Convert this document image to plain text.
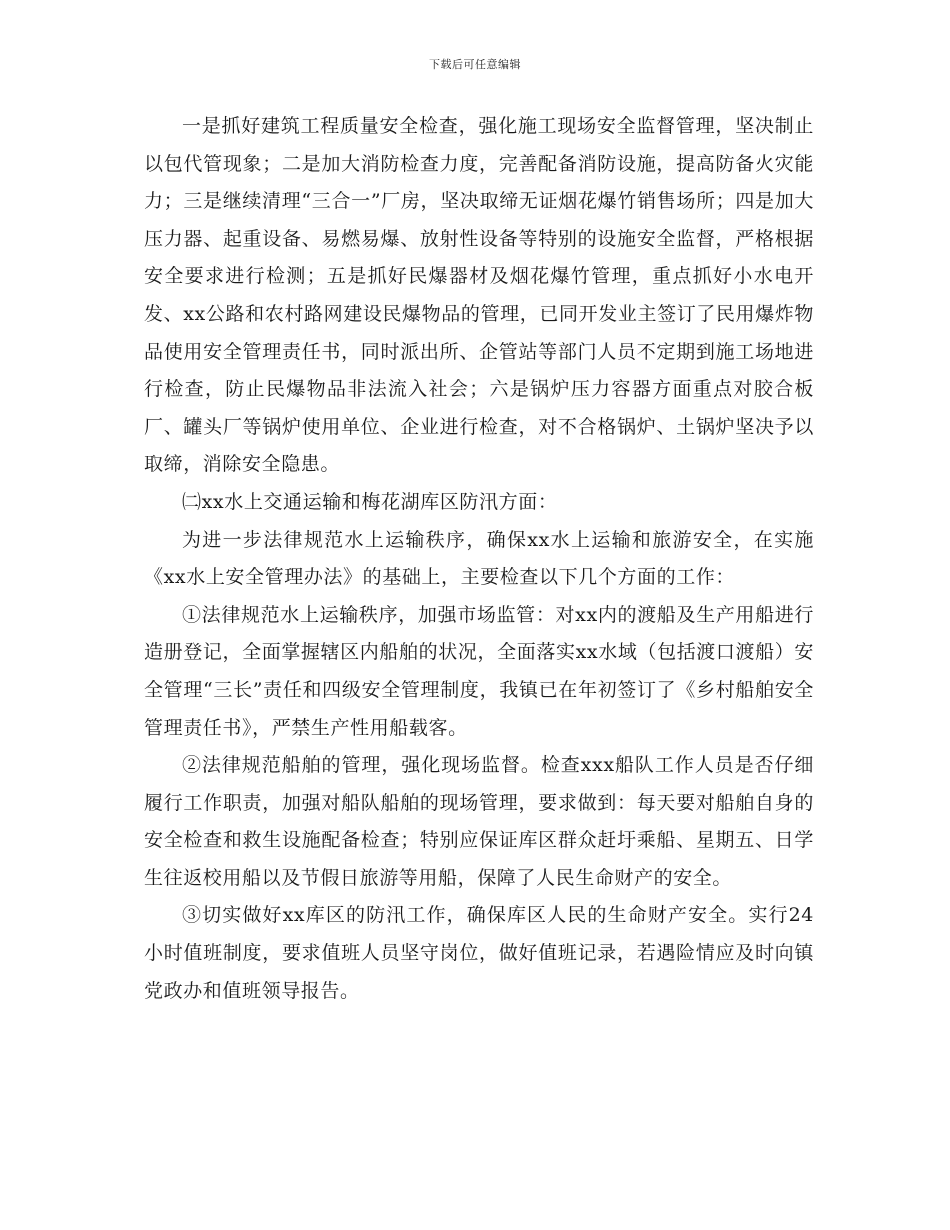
下载后可任意编辑

一是抓好建筑工程质量安全检查，强化施工现场安全监督管理，坚决制止以包代管现象；二是加大消防检查力度，完善配备消防设施，提高防备火灾能力；三是继续清理“三合一”厂房，坚决取缔无证烟花爆竹销售场所；四是加大压力器、起重设备、易燃易爆、放射性设备等特别的设施安全监督，严格根据安全要求进行检测；五是抓好民爆器材及烟花爆竹管理，重点抓好小水电开发、xx公路和农村路网建设民爆物品的管理，已同开发业主签订了民用爆炸物品使用安全管理责任书，同时派出所、企管站等部门人员不定期到施工场地进行检查，防止民爆物品非法流入社会；六是锅炉压力容器方面重点对胶合板厂、罐头厂等锅炉使用单位、企业进行检查，对不合格锅炉、土锅炉坚决予以取缔，消除安全隐患。

㈡xx水上交通运输和梅花湖库区防汛方面：

为进一步法律规范水上运输秩序，确保xx水上运输和旅游安全，在实施《xx水上安全管理办法》的基础上，主要检查以下几个方面的工作：

①法律规范水上运输秩序，加强市场监管：对xx内的渡船及生产用船进行造册登记，全面掌握辖区内船舶的状况，全面落实xx水域（包括渡口渡船）安全管理“三长”责任和四级安全管理制度，我镇已在年初签订了《乡村船舶安全管理责任书》，严禁生产性用船载客。

②法律规范船舶的管理，强化现场监督。检查xxx船队工作人员是否仔细履行工作职责，加强对船队船舶的现场管理，要求做到：每天要对船舶自身的安全检查和救生设施配备检查；特别应保证库区群众赶圩乘船、星期五、日学生往返校用船以及节假日旅游等用船，保障了人民生命财产的安全。

③切实做好xx库区的防汛工作，确保库区人民的生命财产安全。实行24小时值班制度，要求值班人员坚守岗位，做好值班记录，若遇险情应及时向镇党政办和值班领导报告。
